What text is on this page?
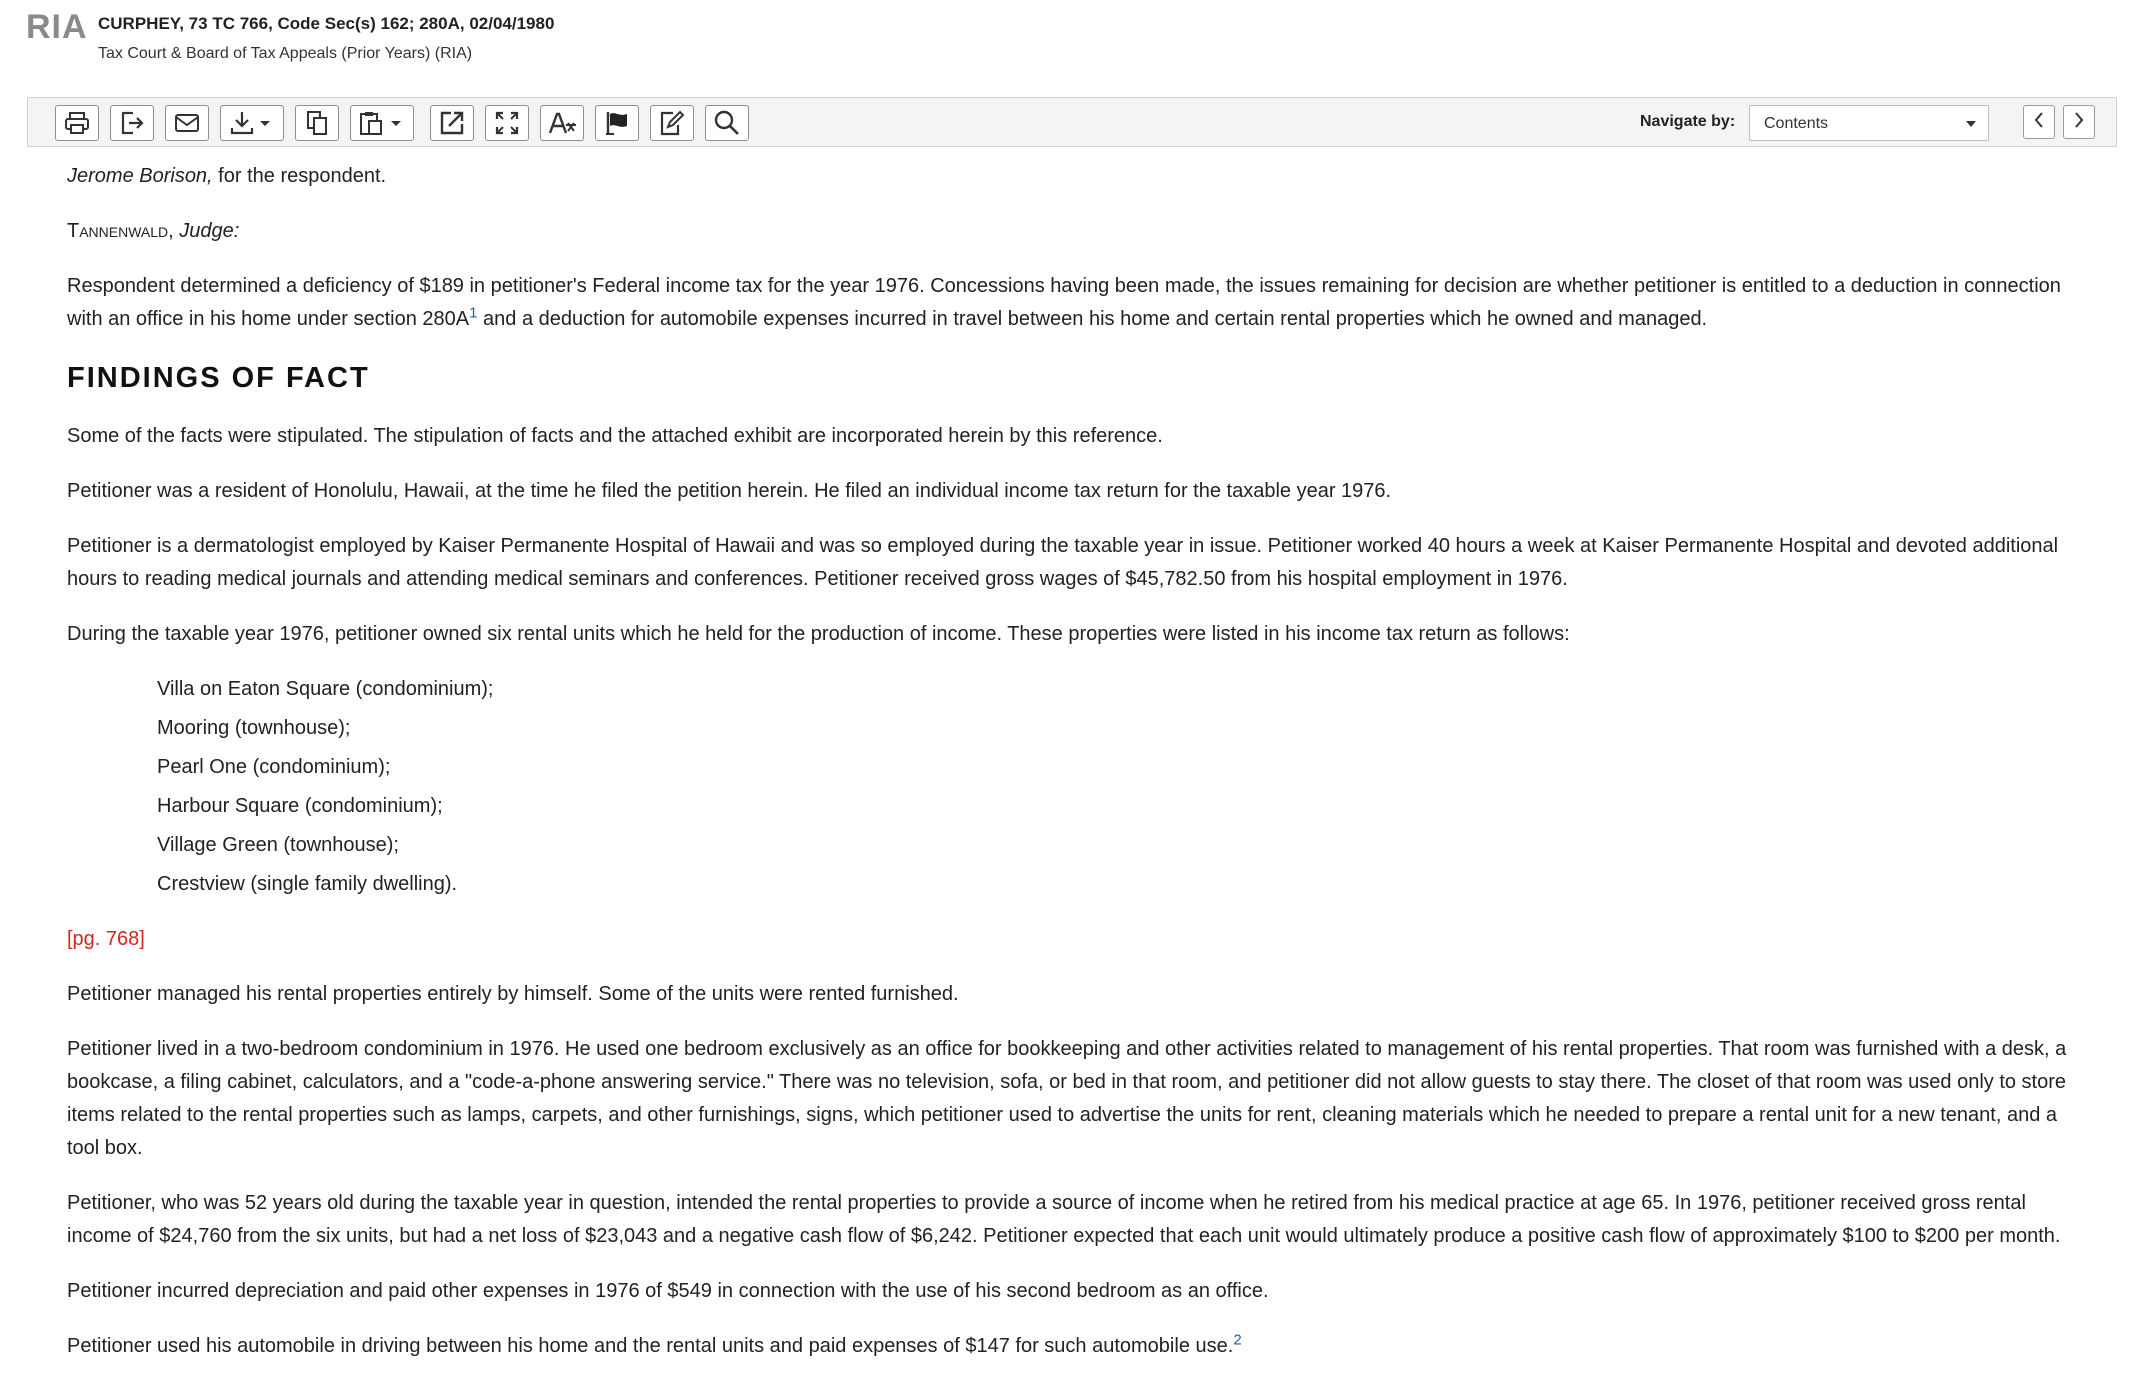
RIA CURPHEY, 73 TC 766, Code Sec(s) 162; 280A, 02/04/1980
Tax Court & Board of Tax Appeals (Prior Years) (RIA)
Navigate by: Contents

Jerome Borison, for the respondent.

Tannenwald, Judge:

Respondent determined a deficiency of $189 in petitioner's Federal income tax for the year 1976. Concessions having been made, the issues remaining for decision are whether petitioner is entitled to a deduction in connection with an office in his home under section 280A$^1$ and a deduction for automobile expenses incurred in travel between his home and certain rental properties which he owned and managed.

FINDINGS OF FACT

Some of the facts were stipulated. The stipulation of facts and the attached exhibit are incorporated herein by this reference.

Petitioner was a resident of Honolulu, Hawaii, at the time he filed the petition herein. He filed an individual income tax return for the taxable year 1976.

Petitioner is a dermatologist employed by Kaiser Permanente Hospital of Hawaii and was so employed during the taxable year in issue. Petitioner worked 40 hours a week at Kaiser Permanente Hospital and devoted additional hours to reading medical journals and attending medical seminars and conferences. Petitioner received gross wages of $45,782.50 from his hospital employment in 1976.

During the taxable year 1976, petitioner owned six rental units which he held for the production of income. These properties were listed in his income tax return as follows:

Villa on Eaton Square (condominium);

Mooring (townhouse);

Pearl One (condominium);

Harbour Square (condominium);

Village Green (townhouse);

Crestview (single family dwelling).

[pg. 768]

Petitioner managed his rental properties entirely by himself. Some of the units were rented furnished.

Petitioner lived in a two-bedroom condominium in 1976. He used one bedroom exclusively as an office for bookkeeping and other activities related to management of his rental properties. That room was furnished with a desk, a bookcase, a filing cabinet, calculators, and a "code-a-phone answering service." There was no television, sofa, or bed in that room, and petitioner did not allow guests to stay there. The closet of that room was used only to store items related to the rental properties such as lamps, carpets, and other furnishings, signs, which petitioner used to advertise the units for rent, cleaning materials which he needed to prepare a rental unit for a new tenant, and a tool box.

Petitioner, who was 52 years old during the taxable year in question, intended the rental properties to provide a source of income when he retired from his medical practice at age 65. In 1976, petitioner received gross rental income of $24,760 from the six units, but had a net loss of $23,043 and a negative cash flow of $6,242. Petitioner expected that each unit would ultimately produce a positive cash flow of approximately $100 to $200 per month.

Petitioner incurred depreciation and paid other expenses in 1976 of $549 in connection with the use of his second bedroom as an office.

Petitioner used his automobile in driving between his home and the rental units and paid expenses of $147 for such automobile use.$^2$
